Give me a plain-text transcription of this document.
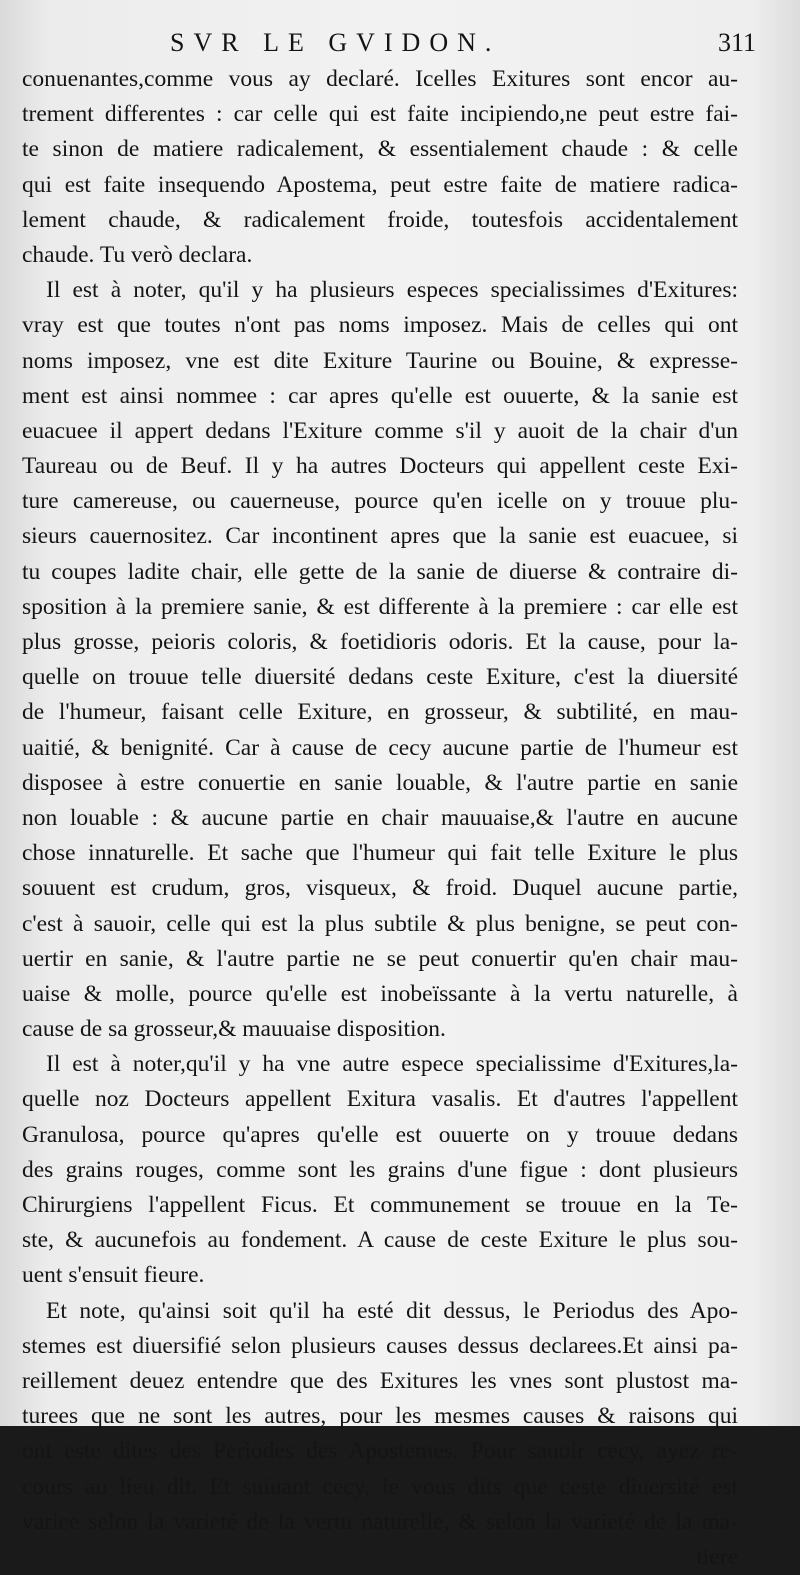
SVR LE GVIDON.	311
conuenantes,comme vous ay declaré. Icelles Exitures sont encor au-
trement differentes : car celle qui est faite incipiendo,ne peut estre fai-
te sinon de matiere radicalement, & essentialement chaude : & celle
qui est faite insequendo Apostema, peut estre faite de matiere radica-
lement chaude, & radicalement froide, toutesfois accidentalement
chaude. Tu verò declara.
Il est à noter, qu'il y ha plusieurs especes specialissimes d'Exitures:
vray est que toutes n'ont pas noms imposez. Mais de celles qui ont
noms imposez, vne est dite Exiture Taurine ou Bouine, & expresse-
ment est ainsi nommee : car apres qu'elle est ouuerte, & la sanie est
euacuee il appert dedans l'Exiture comme s'il y auoit de la chair d'un
Taureau ou de Beuf. Il y ha autres Docteurs qui appellent ceste Exi-
ture camereuse, ou cauerneuse, pource qu'en icelle on y trouue plu-
sieurs cauernositez. Car incontinent apres que la sanie est euacuee, si
tu coupes ladite chair, elle gette de la sanie de diuerse & contraire di-
sposition à la premiere sanie, & est differente à la premiere : car elle est
plus grosse, peioris coloris, & foetidioris odoris. Et la cause, pour la-
quelle on trouue telle diuersité dedans ceste Exiture, c'est la diuersité
de l'humeur, faisant celle Exiture, en grosseur, & subtilité, en mau-
uaitié, & benignité. Car à cause de cecy aucune partie de l'humeur est
disposee à estre conuertie en sanie louable, & l'autre partie en sanie
non louable : & aucune partie en chair mauuaise,& l'autre en aucune
chose innaturelle. Et sache que l'humeur qui fait telle Exiture le plus
souuent est crudum, gros, visqueux, & froid. Duquel aucune partie,
c'est à sauoir, celle qui est la plus subtile & plus benigne, se peut con-
uertir en sanie, & l'autre partie ne se peut conuertir qu'en chair mau-
uaise & molle, pource qu'elle est inobeïssante à la vertu naturelle, à
cause de sa grosseur,& mauuaise disposition.
Il est à noter,qu'il y ha vne autre espece specialissime d'Exitures,la-
quelle noz Docteurs appellent Exitura vasalis. Et d'autres l'appellent
Granulosa, pource qu'apres qu'elle est ouuerte on y trouue dedans
des grains rouges, comme sont les grains d'une figue : dont plusieurs
Chirurgiens l'appellent Ficus. Et communement se trouue en la Te-
ste, & aucunefois au fondement. A cause de ceste Exiture le plus sou-
uent s'ensuit fieure.
Et note, qu'ainsi soit qu'il ha esté dit dessus, le Periodus des Apo-
stemes est diuersifié selon plusieurs causes dessus declarees.Et ainsi pa-
reillement deuez entendre que des Exitures les vnes sont plustost ma-
turees que ne sont les autres, pour les mesmes causes & raisons qui
ont este dites des Periodes des Apostemes. Pour sauoir cecy, ayez re-
cours au lieu dit. Et suiuant cecy, ie vous dits que ceste diuersité est
variee selon la varieté de la vertu naturelle, & selon la varieté de la ma-
tiere
